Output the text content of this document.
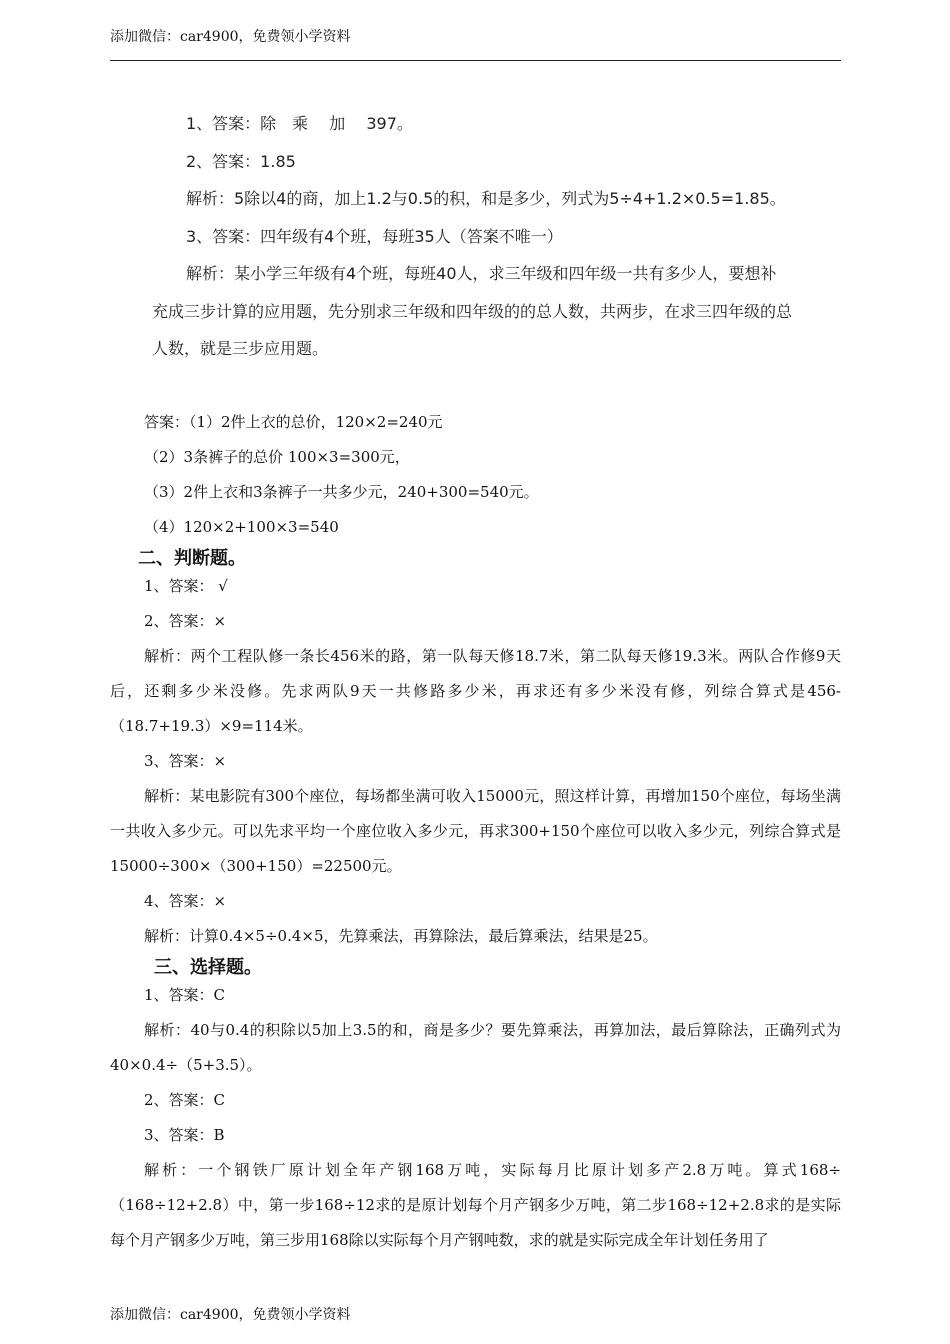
添加微信：car4900，免费领小学资料
1、答案：除　乘　 加　 397。
2、答案：1.85
解析：5除以4的商，加上1.2与0.5的积，和是多少，列式为5÷4+1.2×0.5=1.85。
3、答案：四年级有4个班，每班35人（答案不唯一）
解析：某小学三年级有4个班，每班40人，求三年级和四年级一共有多少人，要想补
充成三步计算的应用题，先分别求三年级和四年级的的总人数，共两步，在求三四年级的总
人数，就是三步应用题。

答案：（1）2件上衣的总价，120×2=240元

（2）3条裤子的总价 100×3=300元，

（3）2件上衣和3条裤子一共多少元，240+300=540元。

（4）120×2+100×3=540

二、判断题。

1、答案： √

2、答案：×

解析：两个工程队修一条长456米的路，第一队每天修18.7米，第二队每天修19.3米。两队合作修9天后，还剩多少米没修。先求两队9天一共修路多少米，再求还有多少米没有修，列综合算式是456-（18.7+19.3）×9=114米。

3、答案：×

解析：某电影院有300个座位，每场都坐满可收入15000元，照这样计算，再增加150个座位，每场坐满一共收入多少元。可以先求平均一个座位收入多少元，再求300+150个座位可以收入多少元，列综合算式是15000÷300×（300+150）=22500元。

4、答案：×

解析：计算0.4×5÷0.4×5，先算乘法，再算除法，最后算乘法，结果是25。

三、选择题。

1、答案：C

解析：40与0.4的积除以5加上3.5的和，商是多少？要先算乘法，再算加法，最后算除法，正确列式为40×0.4÷（5+3.5）。

2、答案：C

3、答案：B

解析：一个钢铁厂原计划全年产钢168万吨，实际每月比原计划多产2.8万吨。算式168÷（168÷12+2.8）中，第一步168÷12求的是原计划每个月产钢多少万吨，第二步168÷12+2.8求的是实际每个月产钢多少万吨，第三步用168除以实际每个月产钢吨数，求的就是实际完成全年计划任务用了

添加微信：car4900，免费领小学资料
